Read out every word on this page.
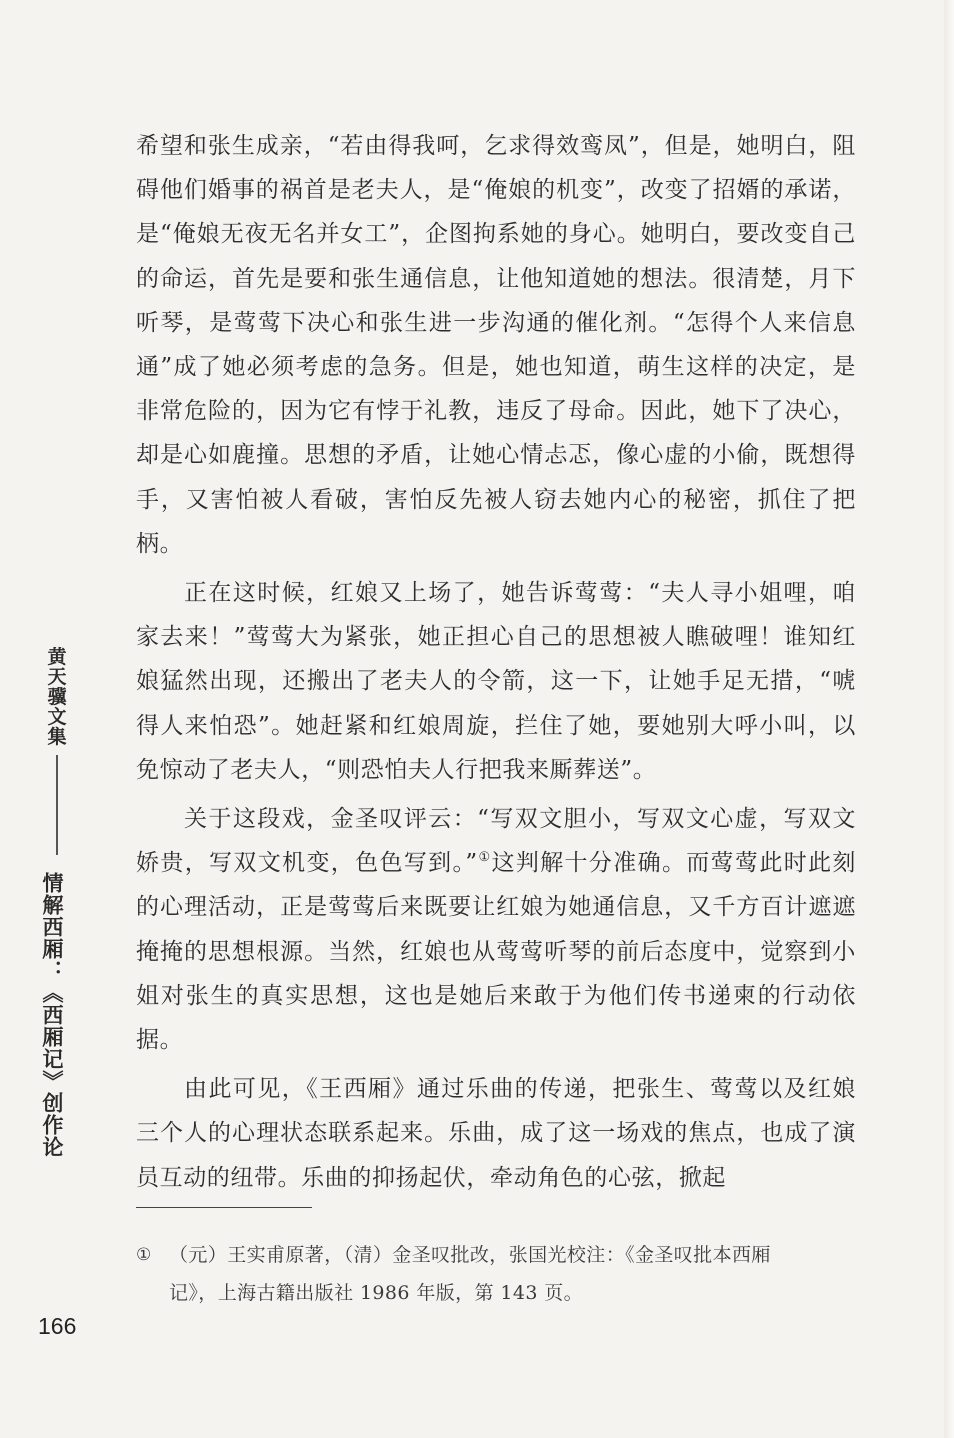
黄天骥文集
情解西厢：《西厢记》创作论

希望和张生成亲，“若由得我呵，乞求得效鸾凤”，但是，她明白，阻碍他们婚事的祸首是老夫人，是“俺娘的机变”，改变了招婿的承诺，是“俺娘无夜无名并女工”，企图拘系她的身心。她明白，要改变自己的命运，首先是要和张生通信息，让他知道她的想法。很清楚，月下听琴，是莺莺下决心和张生进一步沟通的催化剂。“怎得个人来信息通”成了她必须考虑的急务。但是，她也知道，萌生这样的决定，是非常危险的，因为它有悖于礼教，违反了母命。因此，她下了决心，却是心如鹿撞。思想的矛盾，让她心情忐忑，像心虚的小偷，既想得手，又害怕被人看破，害怕反先被人窃去她内心的秘密，抓住了把柄。

正在这时候，红娘又上场了，她告诉莺莺：“夫人寻小姐哩，咱家去来！”莺莺大为紧张，她正担心自己的思想被人瞧破哩！谁知红娘猛然出现，还搬出了老夫人的令箭，这一下，让她手足无措，“唬得人来怕恐”。她赶紧和红娘周旋，拦住了她，要她别大呼小叫，以免惊动了老夫人，“则恐怕夫人行把我来厮葬送”。

关于这段戏，金圣叹评云：“写双文胆小，写双文心虚，写双文娇贵，写双文机变，色色写到。”①这判解十分准确。而莺莺此时此刻的心理活动，正是莺莺后来既要让红娘为她通信息，又千方百计遮遮掩掩的思想根源。当然，红娘也从莺莺听琴的前后态度中，觉察到小姐对张生的真实思想，这也是她后来敢于为他们传书递柬的行动依据。

由此可见，《王西厢》通过乐曲的传递，把张生、莺莺以及红娘三个人的心理状态联系起来。乐曲，成了这一场戏的焦点，也成了演员互动的纽带。乐曲的抑扬起伏，牵动角色的心弦，掀起

① （元）王实甫原著，（清）金圣叹批改，张国光校注：《金圣叹批本西厢
记》，上海古籍出版社 1986 年版，第 143 页。
166
